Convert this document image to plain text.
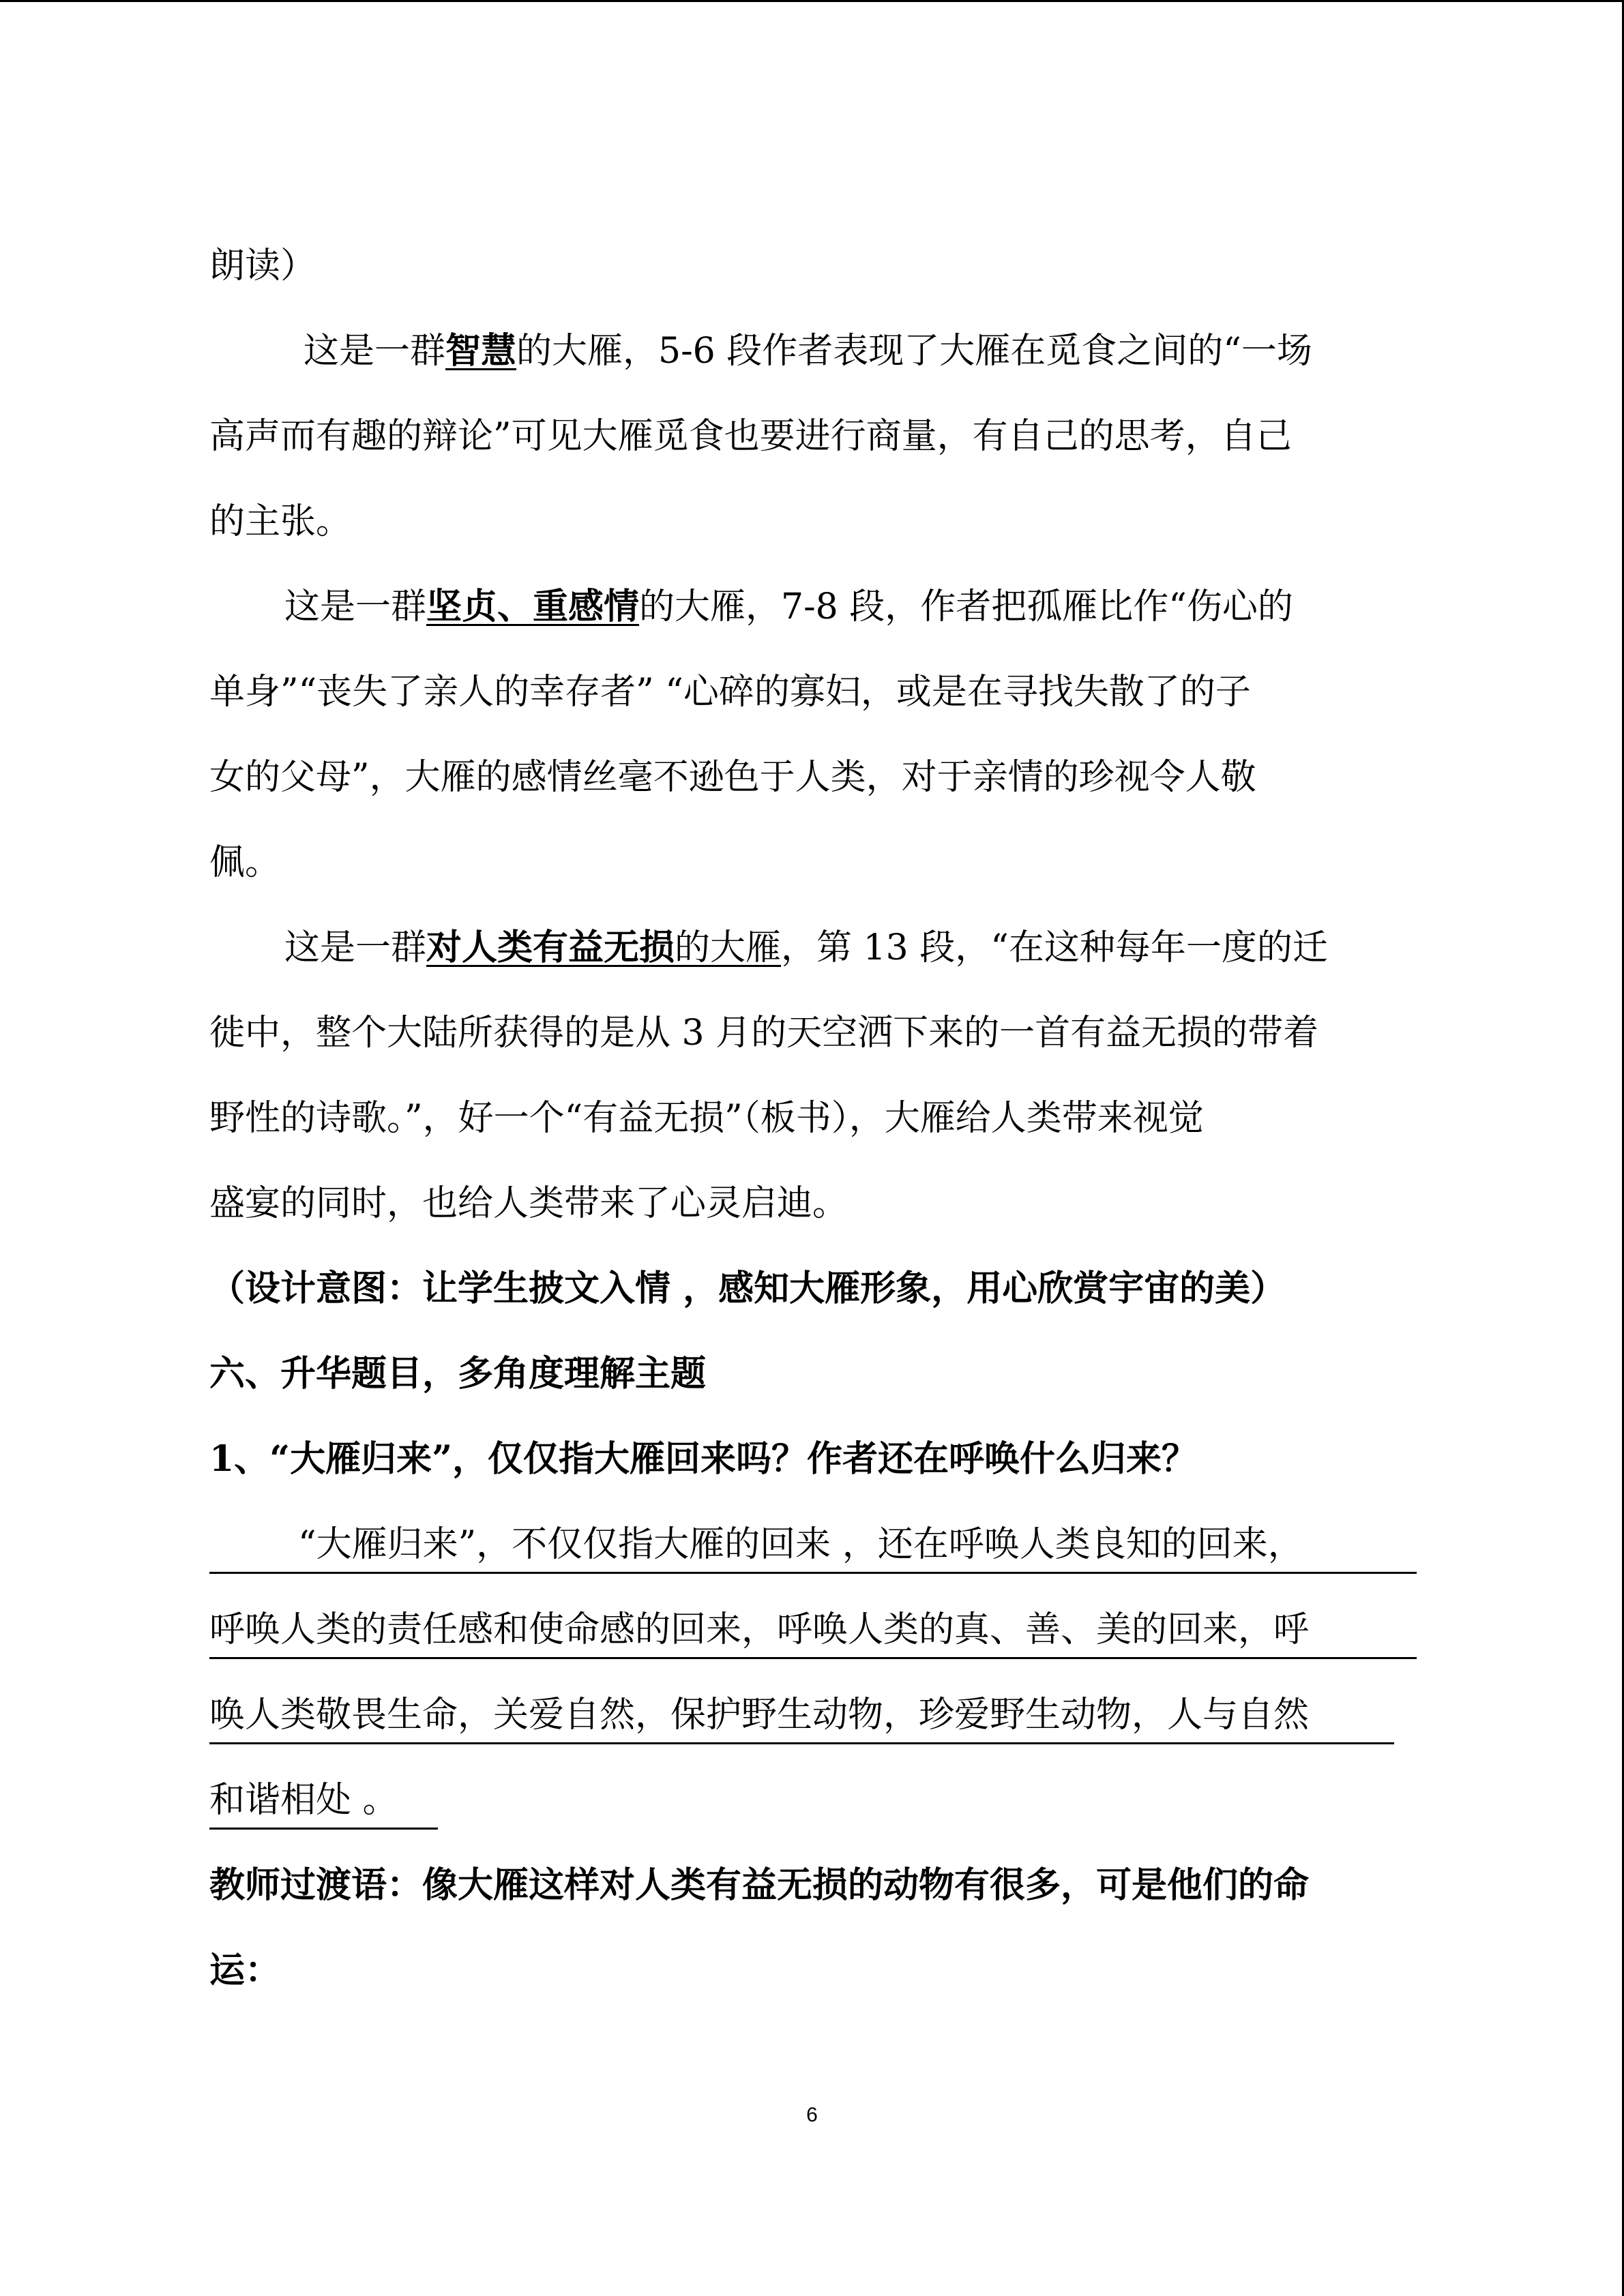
朗读）
这是一群智慧的大雁，5-6 段作者表现了大雁在觅食之间的“一场
高声而有趣的辩论”可见大雁觅食也要进行商量，有自己的思考，自己
的主张。
这是一群坚贞、重感情的大雁，7-8 段，作者把孤雁比作“伤心的
单身”“丧失了亲人的幸存者” “心碎的寡妇，或是在寻找失散了的子
女的父母”，大雁的感情丝毫不逊色于人类，对于亲情的珍视令人敬
佩。
这是一群对人类有益无损的大雁，第 13 段，“在这种每年一度的迁
徙中，整个大陆所获得的是从 3 月的天空洒下来的一首有益无损的带着
野性的诗歌。”，好一个“有益无损”（板书），大雁给人类带来视觉
盛宴的同时，也给人类带来了心灵启迪。
（设计意图：让学生披文入情 ，感知大雁形象，用心欣赏宇宙的美）
六、升华题目，多角度理解主题
1、“大雁归来”，仅仅指大雁回来吗？作者还在呼唤什么归来？
“大雁归来”，不仅仅指大雁的回来 ，还在呼唤人类良知的回来，
呼唤人类的责任感和使命感的回来，呼唤人类的真、善、美的回来，呼
唤人类敬畏生命，关爱自然，保护野生动物，珍爱野生动物，人与自然
和谐相处 。
教师过渡语：像大雁这样对人类有益无损的动物有很多，可是他们的命
运：
6
